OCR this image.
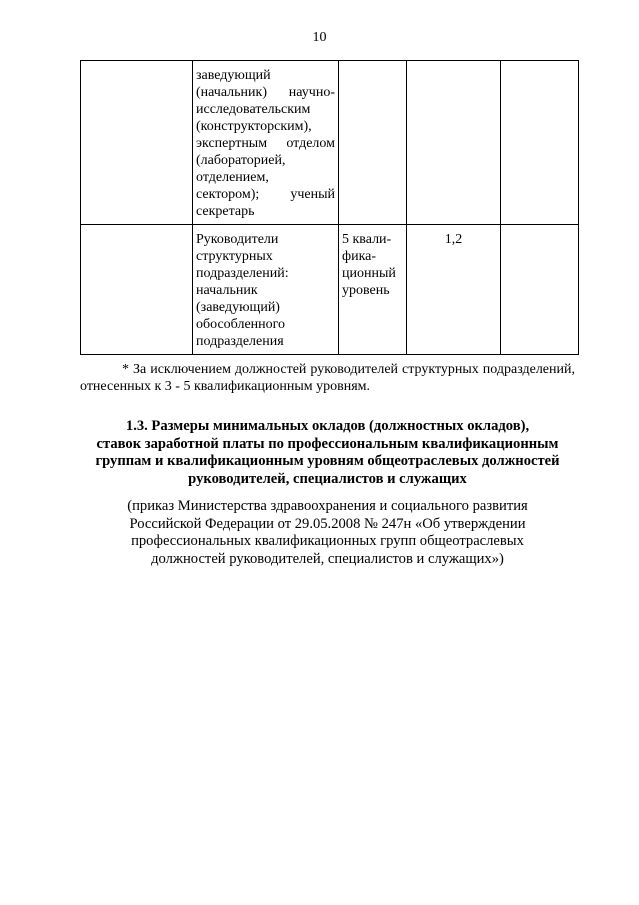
10
	заведующий (начальник) научно-исследовательским (конструкторским), экспертным отделом (лабораторией, отделением, сектором); ученый секретарь			
	Руководители структурных подразделений: начальник (заведующий) обособленного подразделения	5 квали-
фика-
ционный
уровень	1,2	

* За исключением должностей руководителей структурных подразделений, отнесенных к 3 - 5 квалификационным уровням.

1.3. Размеры минимальных окладов (должностных окладов),
ставок заработной платы по профессиональным квалификационным
группам и квалификационным уровням общеотраслевых должностей
руководителей, специалистов и служащих

(приказ Министерства здравоохранения и социального развития
Российской Федерации от 29.05.2008 № 247н «Об утверждении
профессиональных квалификационных групп общеотраслевых
должностей руководителей, специалистов и служащих»)
